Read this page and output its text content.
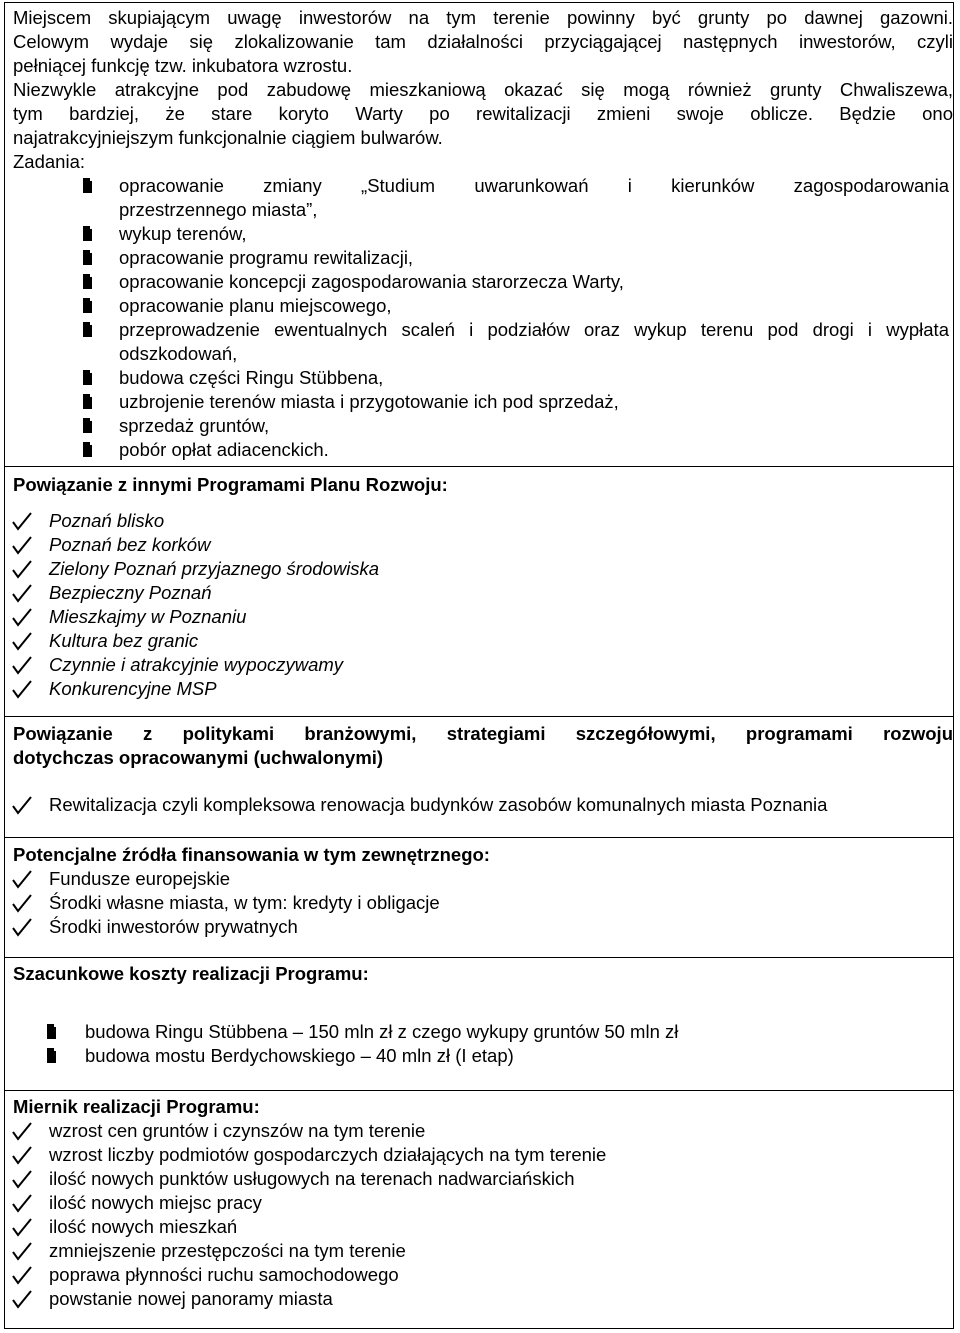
Miejscem skupiającym uwagę inwestorów na tym terenie powinny być grunty po dawnej gazowni.
Celowym wydaje się zlokalizowanie tam działalności przyciągającej następnych inwestorów, czyli
pełniącej funkcję tzw. inkubatora wzrostu.
Niezwykle atrakcyjne pod zabudowę mieszkaniową okazać się mogą również grunty Chwaliszewa,
tym bardziej, że stare koryto Warty po rewitalizacji zmieni swoje oblicze. Będzie ono
najatrakcyjniejszym funkcjonalnie ciągiem bulwarów.
Zadania:
opracowanie zmiany „Studium uwarunkowań i kierunków zagospodarowania
przestrzennego miasta”,
wykup terenów,
opracowanie programu rewitalizacji,
opracowanie koncepcji zagospodarowania starorzecza Warty,
opracowanie planu miejscowego,
przeprowadzenie ewentualnych scaleń i podziałów oraz wykup terenu pod drogi i wypłata
odszkodowań,
budowa części Ringu Stübbena,
uzbrojenie terenów miasta i przygotowanie ich pod sprzedaż,
sprzedaż gruntów,
pobór opłat adiacenckich.
Powiązanie z innymi Programami Planu Rozwoju:
Poznań blisko
Poznań bez korków
Zielony Poznań przyjaznego środowiska
Bezpieczny Poznań
Mieszkajmy w Poznaniu
Kultura bez granic
Czynnie i atrakcyjnie wypoczywamy
Konkurencyjne MSP
Powiązanie z politykami branżowymi, strategiami szczegółowymi, programami rozwoju
dotychczas opracowanymi (uchwalonymi)
Rewitalizacja czyli kompleksowa renowacja budynków zasobów komunalnych miasta Poznania
Potencjalne źródła finansowania w tym zewnętrznego:
Fundusze europejskie
Środki własne miasta, w tym: kredyty i obligacje
Środki inwestorów prywatnych
Szacunkowe koszty realizacji Programu:
budowa Ringu Stübbena – 150 mln zł z czego wykupy gruntów 50 mln zł
budowa mostu Berdychowskiego – 40 mln zł (I etap)
Miernik realizacji Programu:
wzrost cen gruntów i czynszów na tym terenie
wzrost liczby podmiotów gospodarczych działających na tym terenie
ilość nowych punktów usługowych na terenach nadwarciańskich
ilość nowych miejsc pracy
ilość nowych mieszkań
zmniejszenie przestępczości na tym terenie
poprawa płynności ruchu samochodowego
powstanie nowej panoramy miasta
